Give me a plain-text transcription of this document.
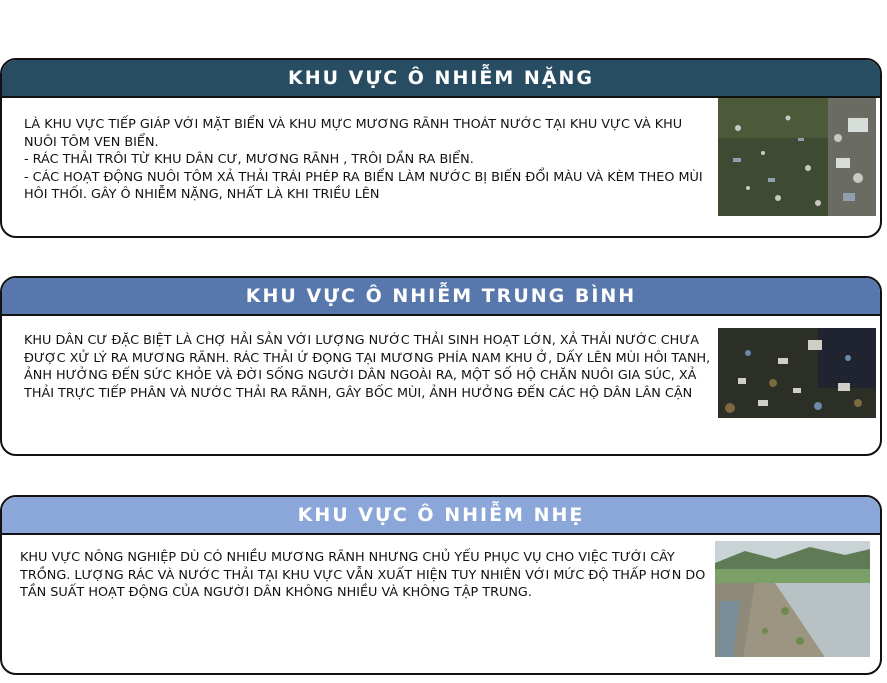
KHU VỰC Ô NHIỄM NẶNG
LÀ KHU VỰC TIẾP GIÁP VỚI MẶT BIỂN VÀ KHU MỰC MƯƠNG RÃNH THOÁT NƯỚC TẠI KHU VỰC VÀ KHU NUÔI TÔM VEN BIỂN.
- RÁC THẢI TRÔI TỪ KHU DÂN CƯ, MƯƠNG RÃNH , TRÔI DẦN RA BIỂN.
- CÁC HOẠT ĐỘNG NUÔI TÔM XẢ THẢI TRÁI PHÉP RA BIỂN LÀM NƯỚC BỊ BIẾN ĐỔI MÀU VÀ KÈM THEO MÙI HÔI THỐI. GÂY Ô NHIỄM NẶNG, NHẤT LÀ KHI TRIỀU LÊN
KHU VỰC Ô NHIỄM TRUNG BÌNH
KHU DÂN CƯ ĐẶC BIỆT LÀ CHỢ HẢI SẢN VỚI LƯỢNG NƯỚC THẢI SINH HOẠT LỚN, XẢ THẢI NƯỚC CHƯA ĐƯỢC XỬ LÝ RA MƯƠNG RÃNH. RÁC THẢI Ứ ĐỌNG TẠI MƯƠNG PHÍA NAM KHU Ở, DẤY LÊN MÙI HÔI TANH, ẢNH HƯỞNG ĐẾN SỨC KHỎE VÀ ĐỜI SỐNG NGƯỜI DÂN NGOÀI RA, MỘT SỐ HỘ CHĂN NUÔI GIA SÚC, XẢ THẢI TRỰC TIẾP PHÂN VÀ NƯỚC THẢI RA RÃNH, GÂY BỐC MÙI, ẢNH HƯỞNG ĐẾN CÁC HỘ DÂN LÂN CẬN
KHU VỰC Ô NHIỄM NHẸ
KHU VỰC NÔNG NGHIỆP DÙ CÓ NHIỀU MƯƠNG RÃNH NHƯNG CHỦ YẾU PHỤC VỤ CHO VIỆC TƯỚI CÂY TRỒNG. LƯỢNG RÁC VÀ NƯỚC THẢI TẠI KHU VỰC VẪN XUẤT HIỆN TUY NHIÊN VỚI MỨC ĐỘ THẤP HƠN DO TẦN SUẤT HOẠT ĐỘNG CỦA NGƯỜI DÂN KHÔNG NHIỀU VÀ KHÔNG TẬP TRUNG.
